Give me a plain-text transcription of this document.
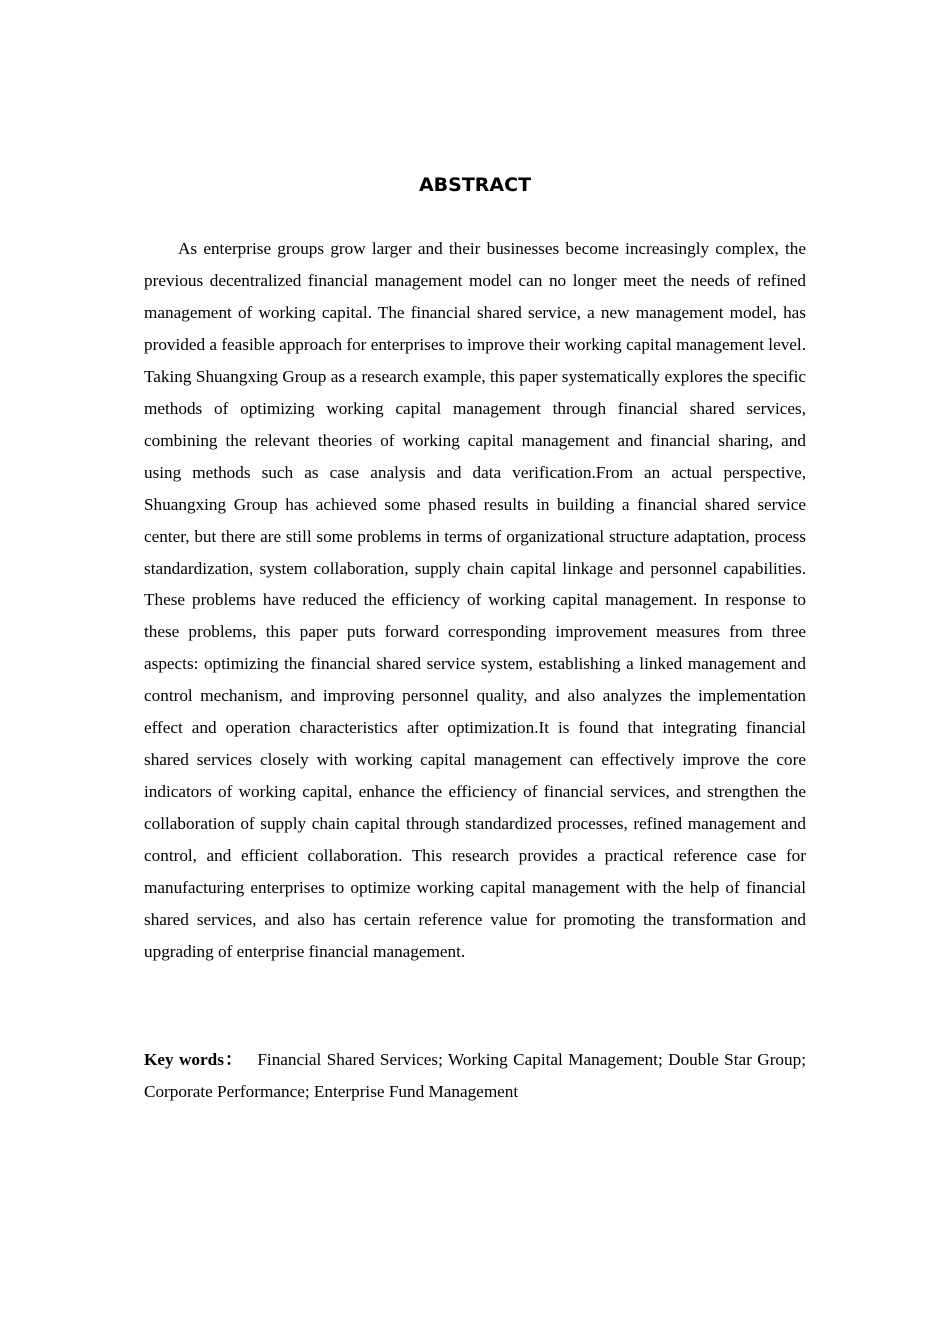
ABSTRACT

As enterprise groups grow larger and their businesses become increasingly complex, the previous decentralized financial management model can no longer meet the needs of refined management of working capital. The financial shared service, a new management model, has provided a feasible approach for enterprises to improve their working capital management level. Taking Shuangxing Group as a research example, this paper systematically explores the specific methods of optimizing working capital management through financial shared services, combining the relevant theories of working capital management and financial sharing, and using methods such as case analysis and data verification.From an actual perspective, Shuangxing Group has achieved some phased results in building a financial shared service center, but there are still some problems in terms of organizational structure adaptation, process standardization, system collaboration, supply chain capital linkage and personnel capabilities. These problems have reduced the efficiency of working capital management. In response to these problems, this paper puts forward corresponding improvement measures from three aspects: optimizing the financial shared service system, establishing a linked management and control mechanism, and improving personnel quality, and also analyzes the implementation effect and operation characteristics after optimization.It is found that integrating financial shared services closely with working capital management can effectively improve the core indicators of working capital, enhance the efficiency of financial services, and strengthen the collaboration of supply chain capital through standardized processes, refined management and control, and efficient collaboration. This research provides a practical reference case for manufacturing enterprises to optimize working capital management with the help of financial shared services, and also has certain reference value for promoting the transformation and upgrading of enterprise financial management.

Key words： Financial Shared Services; Working Capital Management; Double Star Group; Corporate Performance; Enterprise Fund Management
